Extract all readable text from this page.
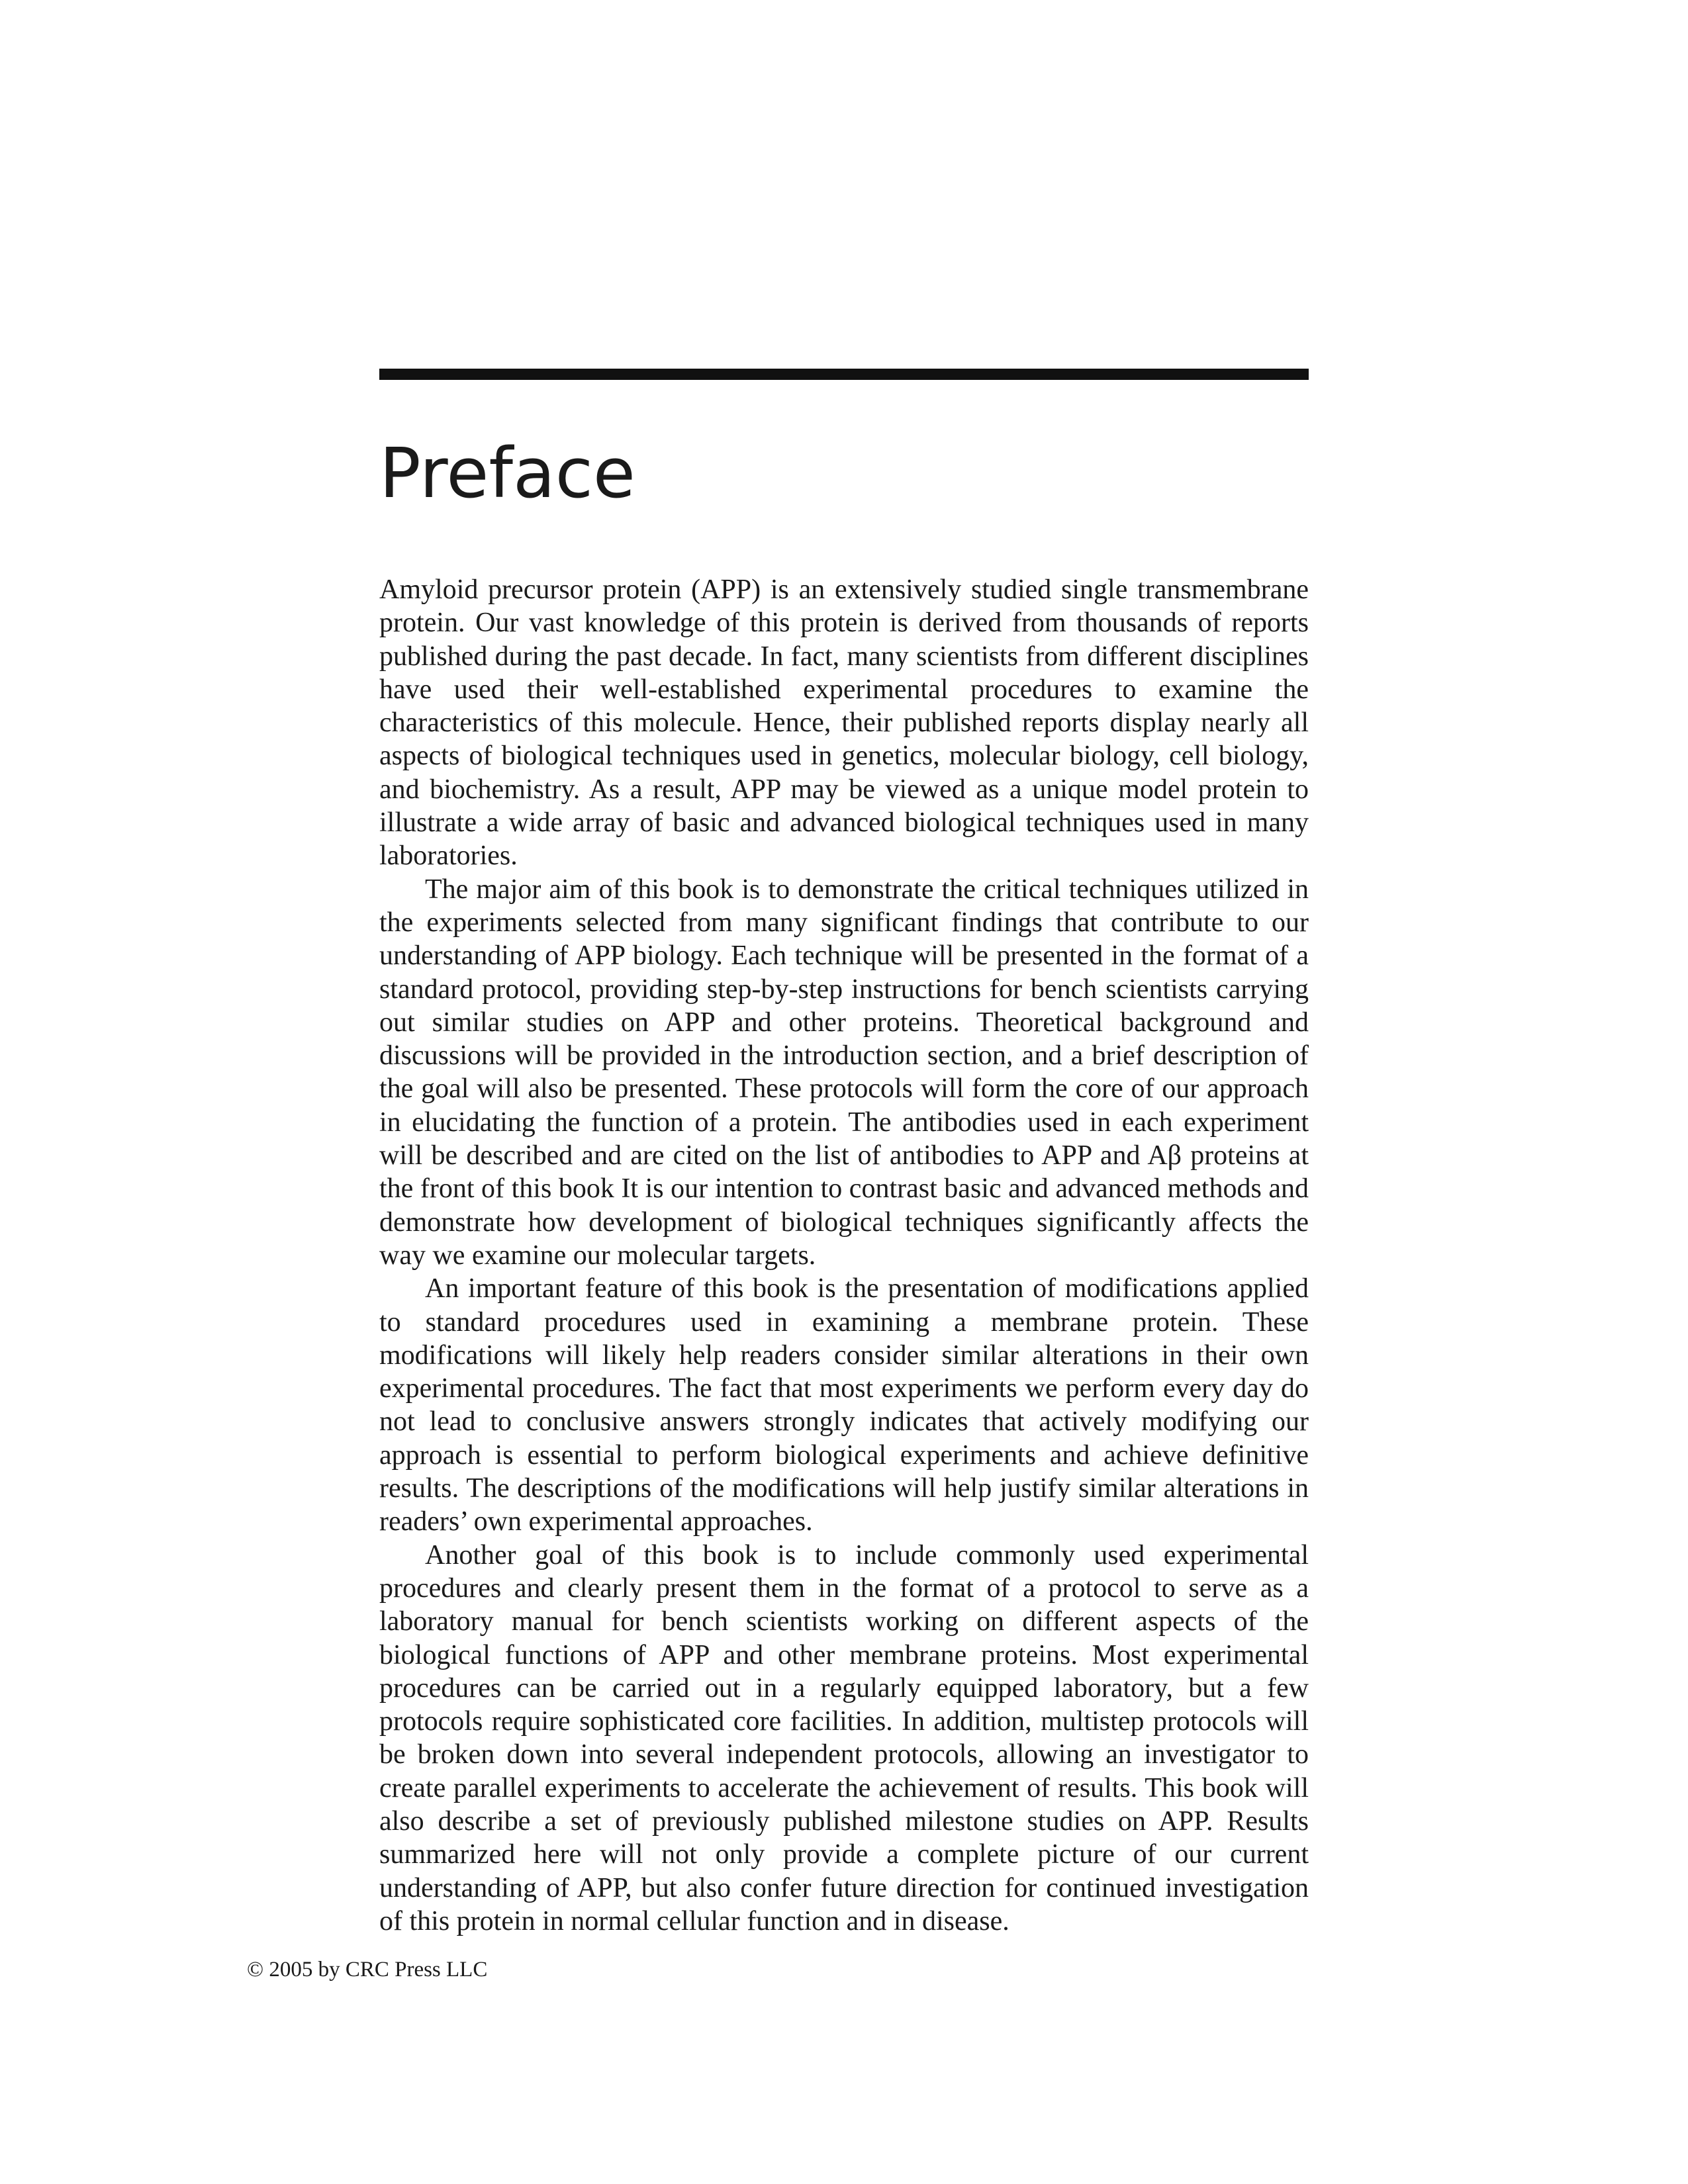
Preface

Amyloid precursor protein (APP) is an extensively studied single transmembrane protein. Our vast knowledge of this protein is derived from thousands of reports published during the past decade. In fact, many scientists from different disciplines have used their well-established experimental procedures to examine the characteristics of this molecule. Hence, their published reports display nearly all aspects of biological techniques used in genetics, molecular biology, cell biology, and biochemistry. As a result, APP may be viewed as a unique model protein to illustrate a wide array of basic and advanced biological techniques used in many laboratories.

The major aim of this book is to demonstrate the critical techniques utilized in the experiments selected from many significant findings that contribute to our understanding of APP biology. Each technique will be presented in the format of a standard protocol, providing step-by-step instructions for bench scientists carrying out similar studies on APP and other proteins. Theoretical background and discussions will be provided in the introduction section, and a brief description of the goal will also be presented. These protocols will form the core of our approach in elucidating the function of a protein. The antibodies used in each experiment will be described and are cited on the list of antibodies to APP and Aβ proteins at the front of this book It is our intention to contrast basic and advanced methods and demonstrate how development of biological techniques significantly affects the way we examine our molecular targets.

An important feature of this book is the presentation of modifications applied to standard procedures used in examining a membrane protein. These modifications will likely help readers consider similar alterations in their own experimental procedures. The fact that most experiments we perform every day do not lead to conclusive answers strongly indicates that actively modifying our approach is essential to perform biological experiments and achieve definitive results. The descriptions of the modifications will help justify similar alterations in readers’ own experimental approaches.

Another goal of this book is to include commonly used experimental procedures and clearly present them in the format of a protocol to serve as a laboratory manual for bench scientists working on different aspects of the biological functions of APP and other membrane proteins. Most experimental procedures can be carried out in a regularly equipped laboratory, but a few protocols require sophisticated core facilities. In addition, multistep protocols will be broken down into several independent protocols, allowing an investigator to create parallel experiments to accelerate the achievement of results. This book will also describe a set of previously published milestone studies on APP. Results summarized here will not only provide a complete picture of our current understanding of APP, but also confer future direction for continued investigation of this protein in normal cellular function and in disease.

© 2005 by CRC Press LLC
